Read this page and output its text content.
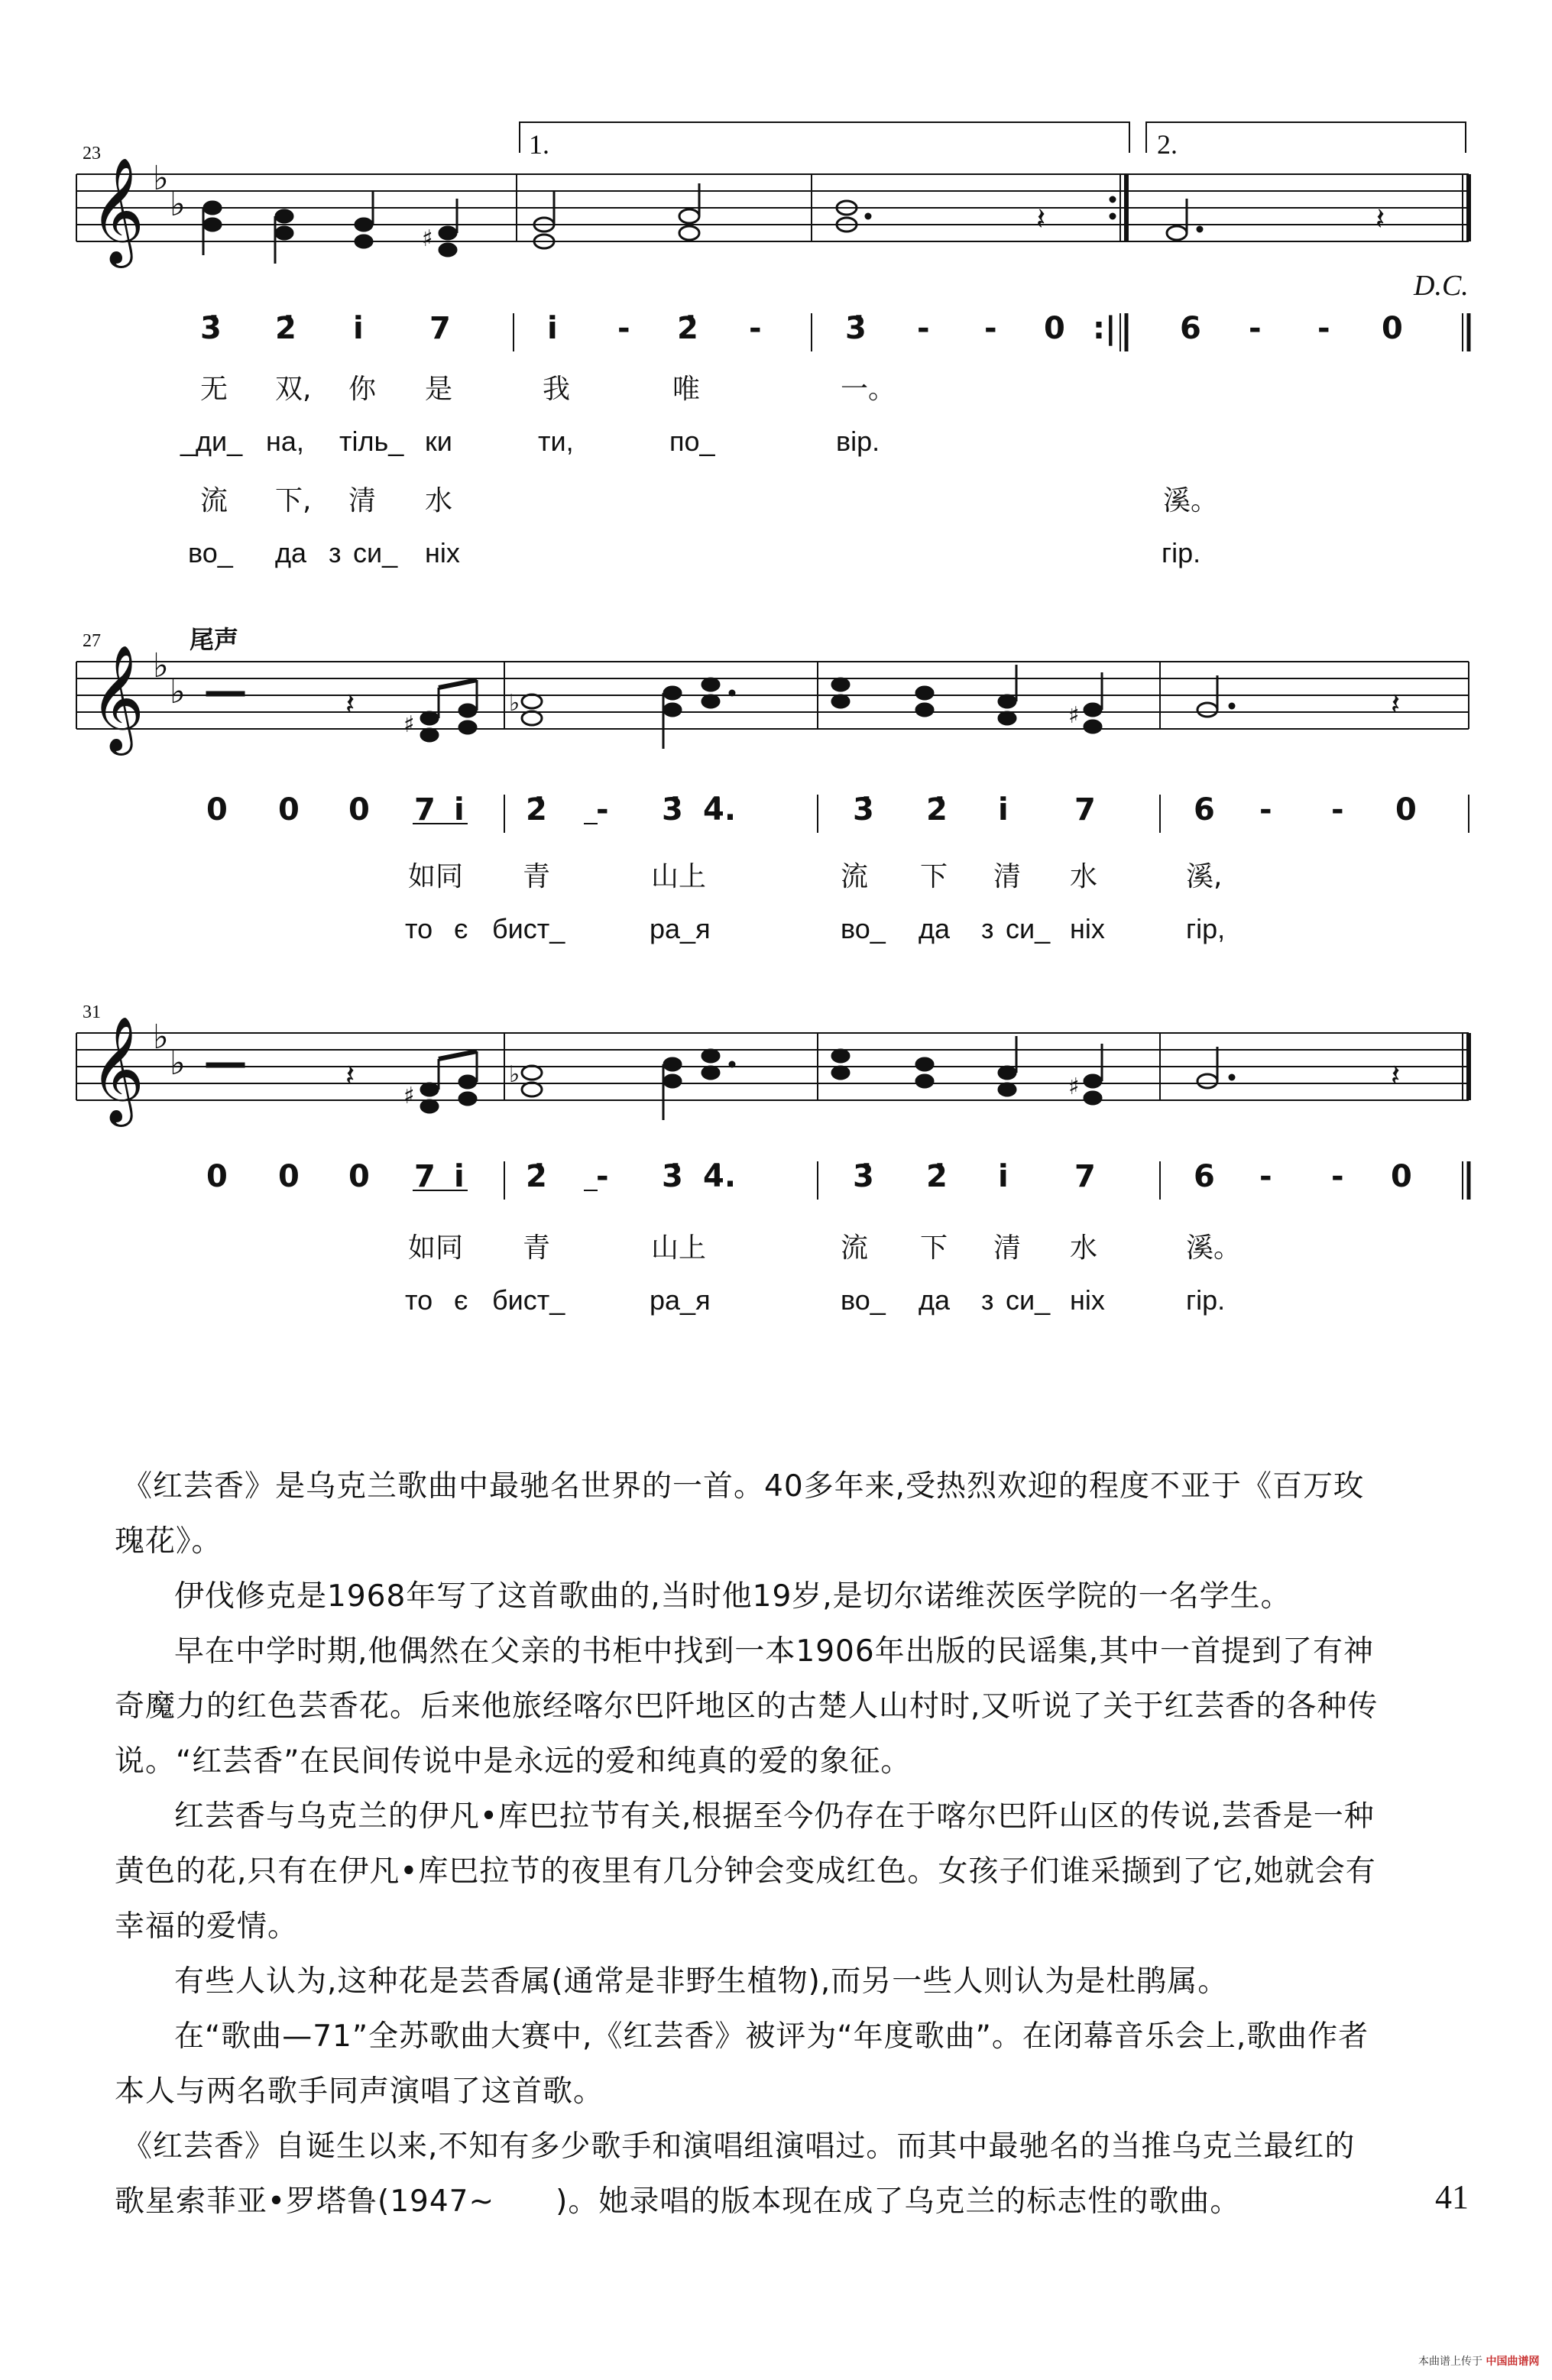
𝄞
𝄞
𝄞
♭
♭
♭
♭
♭
♭
♯
𝄽	𝄽
𝄽
♯
♭	♯	𝄽
𝄽
♯
♭	♯	𝄽
23	1.	2.
D.C.
3̇ 2̇ i̇ 7	i̇ - 2̇ -	3̇ - - 0 :| 6 - - 0
无 双, 你 是	我	唯	一。
_ди_ на, тіль_ ки	ти,	по_	вір.
流 下, 清 水	溪。
во_ да з си_ ніх	гір.
27	尾声
0 0 0 7 i̇ 2̇ - 3̇ 4̇.	3̇ 2̇ i̇ 7	6 - - 0
如同 青	山上	流 下 清 水	溪,
то є бист_	ра_я	во_ да з си_ ніх	гір,
31
0 0 0 7 i̇ 2̇ - 3̇ 4̇.	3̇ 2̇ i̇ 7	6 - - 0
如同 青	山上	流 下 清 水	溪。
то є бист_	ра_я	во_ да з си_ ніх	гір.

《红芸香》是乌克兰歌曲中最驰名世界的一首。40多年来,受热烈欢迎的程度不亚于《百万玫

瑰花》。

伊伐修克是1968年写了这首歌曲的,当时他19岁,是切尔诺维茨医学院的一名学生。

早在中学时期,他偶然在父亲的书柜中找到一本1906年出版的民谣集,其中一首提到了有神

奇魔力的红色芸香花。后来他旅经喀尔巴阡地区的古楚人山村时,又听说了关于红芸香的各种传

说。“红芸香”在民间传说中是永远的爱和纯真的爱的象征。

红芸香与乌克兰的伊凡•库巴拉节有关,根据至今仍存在于喀尔巴阡山区的传说,芸香是一种

黄色的花,只有在伊凡•库巴拉节的夜里有几分钟会变成红色。女孩子们谁采撷到了它,她就会有

幸福的爱情。

有些人认为,这种花是芸香属(通常是非野生植物),而另一些人则认为是杜鹃属。

在“歌曲—71”全苏歌曲大赛中,《红芸香》被评为“年度歌曲”。在闭幕音乐会上,歌曲作者

本人与两名歌手同声演唱了这首歌。

《红芸香》自诞生以来,不知有多少歌手和演唱组演唱过。而其中最驰名的当推乌克兰最红的

歌星索菲亚•罗塔鲁(1947~　　)。她录唱的版本现在成了乌克兰的标志性的歌曲。	41
本曲谱上传于 中国曲谱网
